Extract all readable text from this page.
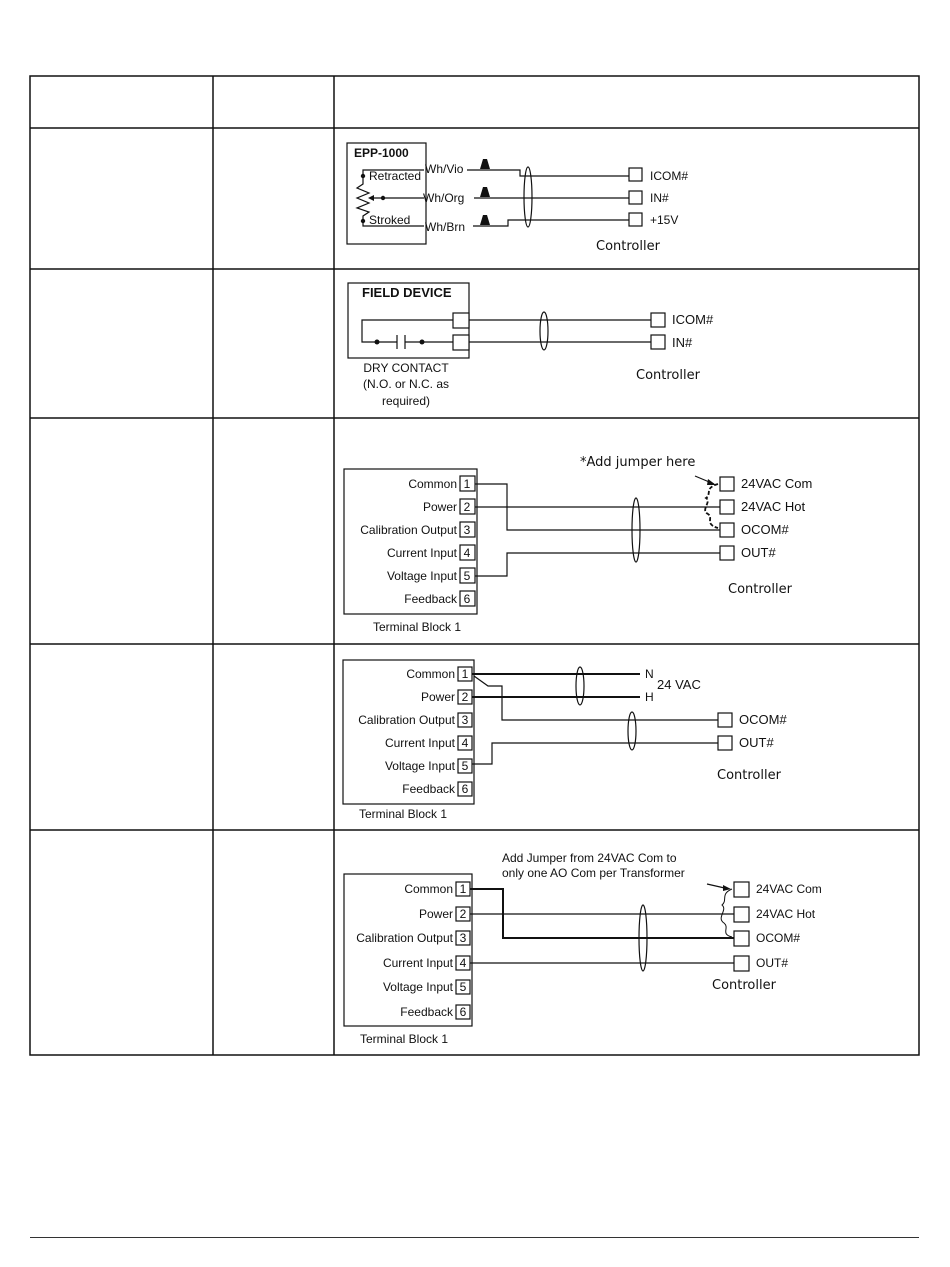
EPP-1000
Retracted
Stroked
Wh/Vio
Wh/Org
Wh/Brn
ICOM#
IN#
+15V
Controller
FIELD DEVICE
ICOM#
IN#
DRY CONTACT
(N.O. or N.C. as
required)
Controller
Common
Power
Calibration Output
Current Input
Voltage Input
Feedback
1
2
3
4
5
6
*Add jumper here
24VAC Com
24VAC Hot
OCOM#
OUT#
Controller
Terminal Block 1
Common
Power
Calibration Output
Current Input
Voltage Input
Feedback
1
2
3
4
5
6
N
H
24 VAC
OCOM#
OUT#
Controller
Terminal Block 1
Common
Power
Calibration Output
Current Input
Voltage Input
Feedback
1
2
3
4
5
6
Add Jumper from 24VAC Com to
only one AO Com per Transformer
24VAC Com
24VAC Hot
OCOM#
OUT#
Controller
Terminal Block 1
